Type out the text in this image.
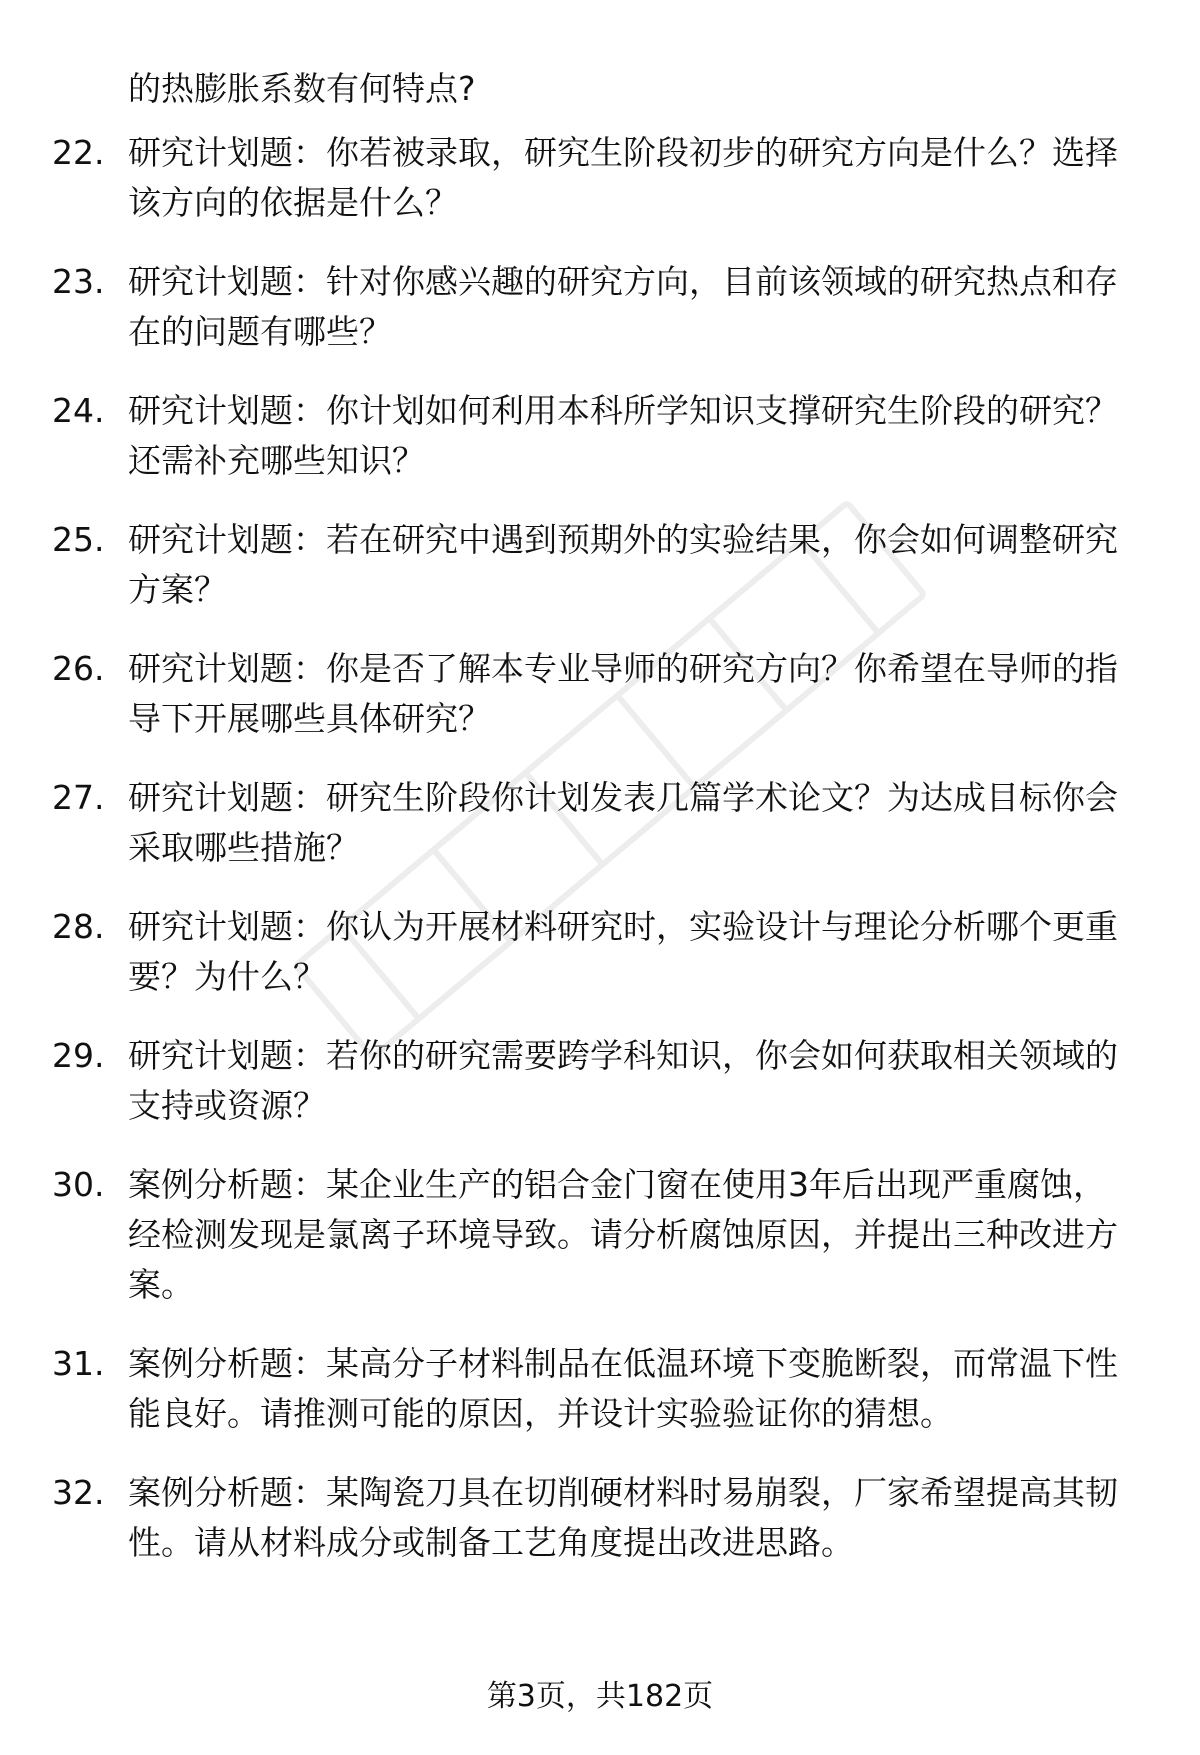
的热膨胀系数有何特点?
22. 研究计划题：你若被录取，研究生阶段初步的研究方向是什么？选择该方向的依据是什么？
23. 研究计划题：针对你感兴趣的研究方向，目前该领域的研究热点和存在的问题有哪些？
24. 研究计划题：你计划如何利用本科所学知识支撑研究生阶段的研究？还需补充哪些知识？
25. 研究计划题：若在研究中遇到预期外的实验结果，你会如何调整研究方案？
26. 研究计划题：你是否了解本专业导师的研究方向？你希望在导师的指导下开展哪些具体研究？
27. 研究计划题：研究生阶段你计划发表几篇学术论文？为达成目标你会采取哪些措施？
28. 研究计划题：你认为开展材料研究时，实验设计与理论分析哪个更重要？为什么？
29. 研究计划题：若你的研究需要跨学科知识，你会如何获取相关领域的支持或资源？
30. 案例分析题：某企业生产的铝合金门窗在使用3年后出现严重腐蚀，经检测发现是氯离子环境导致。请分析腐蚀原因，并提出三种改进方案。
31. 案例分析题：某高分子材料制品在低温环境下变脆断裂，而常温下性能良好。请推测可能的原因，并设计实验验证你的猜想。
32. 案例分析题：某陶瓷刀具在切削硬材料时易崩裂，厂家希望提高其韧性。请从材料成分或制备工艺角度提出改进思路。
第3页，共182页
